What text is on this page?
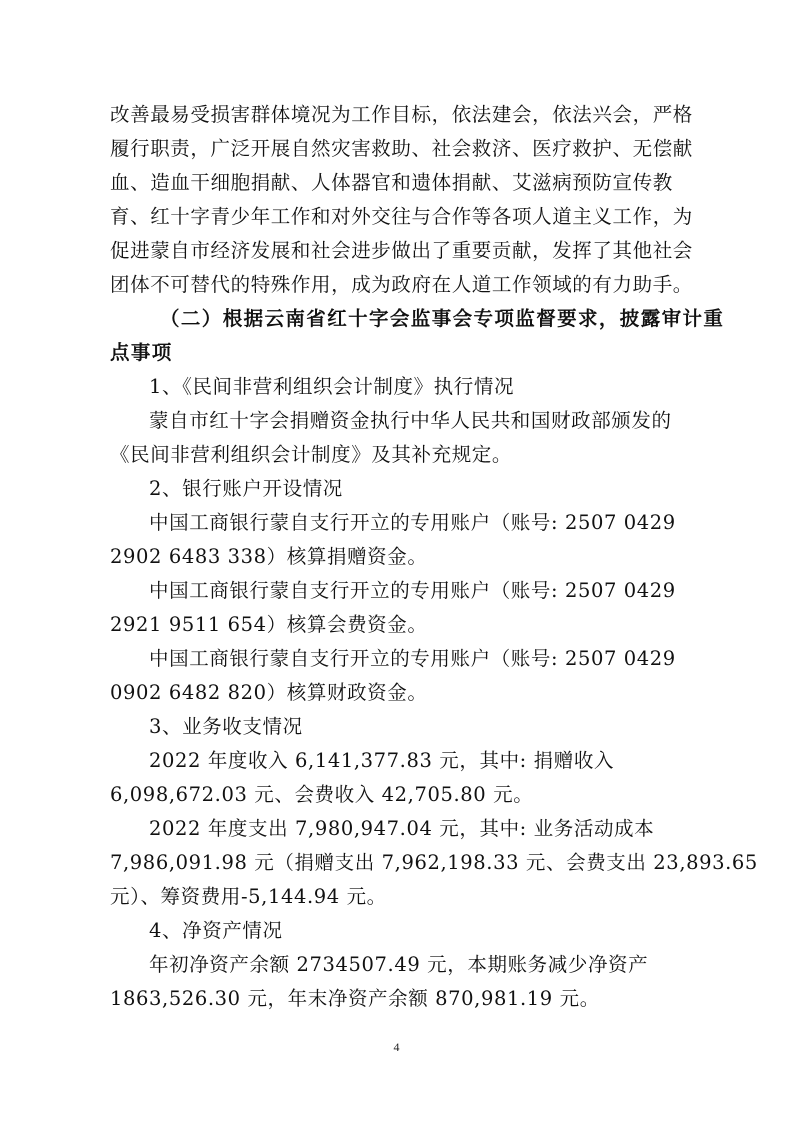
改善最易受损害群体境况为工作目标，依法建会，依法兴会，严格
履行职责，广泛开展自然灾害救助、社会救济、医疗救护、无偿献
血、造血干细胞捐献、人体器官和遗体捐献、艾滋病预防宣传教
育、红十字青少年工作和对外交往与合作等各项人道主义工作，为
促进蒙自市经济发展和社会进步做出了重要贡献，发挥了其他社会
团体不可替代的特殊作用，成为政府在人道工作领域的有力助手。
（二）根据云南省红十字会监事会专项监督要求，披露审计重
点事项
1、《民间非营利组织会计制度》执行情况
蒙自市红十字会捐赠资金执行中华人民共和国财政部颁发的
《民间非营利组织会计制度》及其补充规定。
2、银行账户开设情况
中国工商银行蒙自支行开立的专用账户（账号: 2507 0429
2902 6483 338）核算捐赠资金。
中国工商银行蒙自支行开立的专用账户（账号: 2507 0429
2921 9511 654）核算会费资金。
中国工商银行蒙自支行开立的专用账户（账号: 2507 0429
0902 6482 820）核算财政资金。
3、业务收支情况
2022 年度收入 6,141,377.83 元，其中: 捐赠收入
6,098,672.03 元、会费收入 42,705.80 元。
2022 年度支出 7,980,947.04 元，其中: 业务活动成本
7,986,091.98 元（捐赠支出 7,962,198.33 元、会费支出 23,893.65
元）、筹资费用-5,144.94 元。
4、净资产情况
年初净资产余额 2734507.49 元，本期账务减少净资产
1863,526.30 元，年末净资产余额 870,981.19 元。
4
